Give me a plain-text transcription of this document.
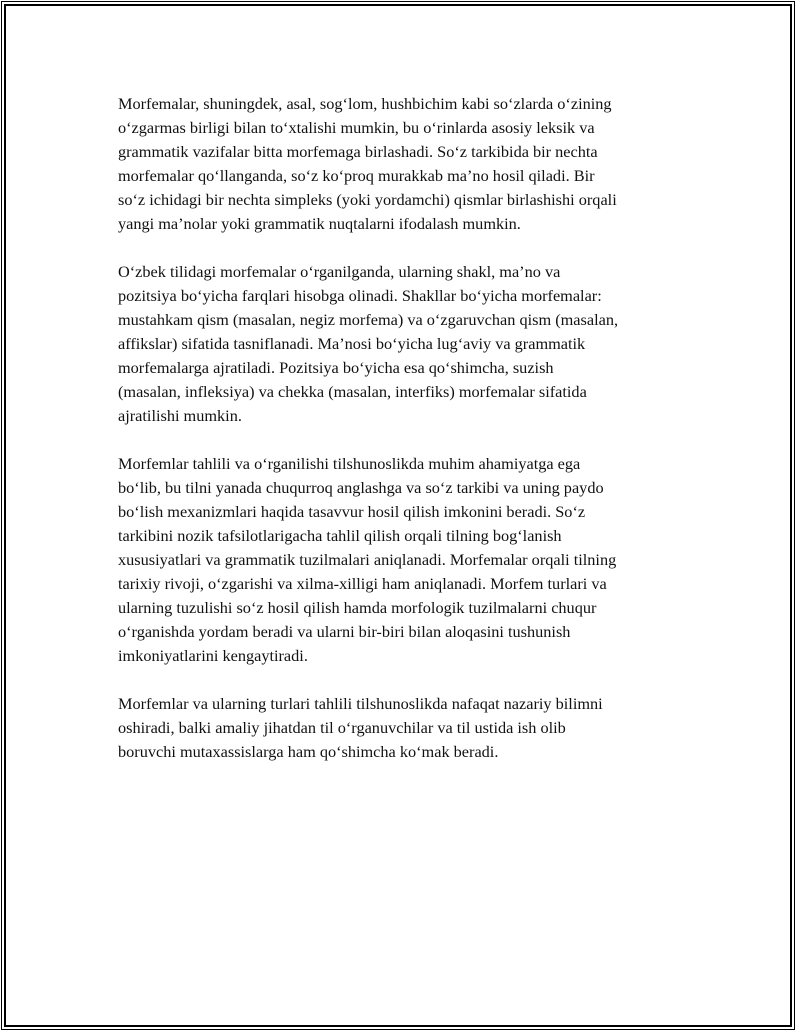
Morfemalar, shuningdek, asal, sog‘lom, hushbichim kabi so‘zlarda o‘zining
o‘zgarmas birligi bilan to‘xtalishi mumkin, bu o‘rinlarda asosiy leksik va
grammatik vazifalar bitta morfemaga birlashadi. So‘z tarkibida bir nechta
morfemalar qo‘llanganda, so‘z ko‘proq murakkab ma’no hosil qiladi. Bir
so‘z ichidagi bir nechta simpleks (yoki yordamchi) qismlar birlashishi orqali
yangi ma’nolar yoki grammatik nuqtalarni ifodalash mumkin.

O‘zbek tilidagi morfemalar o‘rganilganda, ularning shakl, ma’no va
pozitsiya bo‘yicha farqlari hisobga olinadi. Shakllar bo‘yicha morfemalar:
mustahkam qism (masalan, negiz morfema) va o‘zgaruvchan qism (masalan,
affikslar) sifatida tasniflanadi. Ma’nosi bo‘yicha lug‘aviy va grammatik
morfemalarga ajratiladi. Pozitsiya bo‘yicha esa qo‘shimcha, suzish
(masalan, infleksiya) va chekka (masalan, interfiks) morfemalar sifatida
ajratilishi mumkin.

Morfemlar tahlili va o‘rganilishi tilshunoslikda muhim ahamiyatga ega
bo‘lib, bu tilni yanada chuqurroq anglashga va so‘z tarkibi va uning paydo
bo‘lish mexanizmlari haqida tasavvur hosil qilish imkonini beradi. So‘z
tarkibini nozik tafsilotlarigacha tahlil qilish orqali tilning bog‘lanish
xususiyatlari va grammatik tuzilmalari aniqlanadi. Morfemalar orqali tilning
tarixiy rivoji, o‘zgarishi va xilma-xilligi ham aniqlanadi. Morfem turlari va
ularning tuzulishi so‘z hosil qilish hamda morfologik tuzilmalarni chuqur
o‘rganishda yordam beradi va ularni bir-biri bilan aloqasini tushunish
imkoniyatlarini kengaytiradi.

Morfemlar va ularning turlari tahlili tilshunoslikda nafaqat nazariy bilimni
oshiradi, balki amaliy jihatdan til o‘rganuvchilar va til ustida ish olib
boruvchi mutaxassislarga ham qo‘shimcha ko‘mak beradi.
